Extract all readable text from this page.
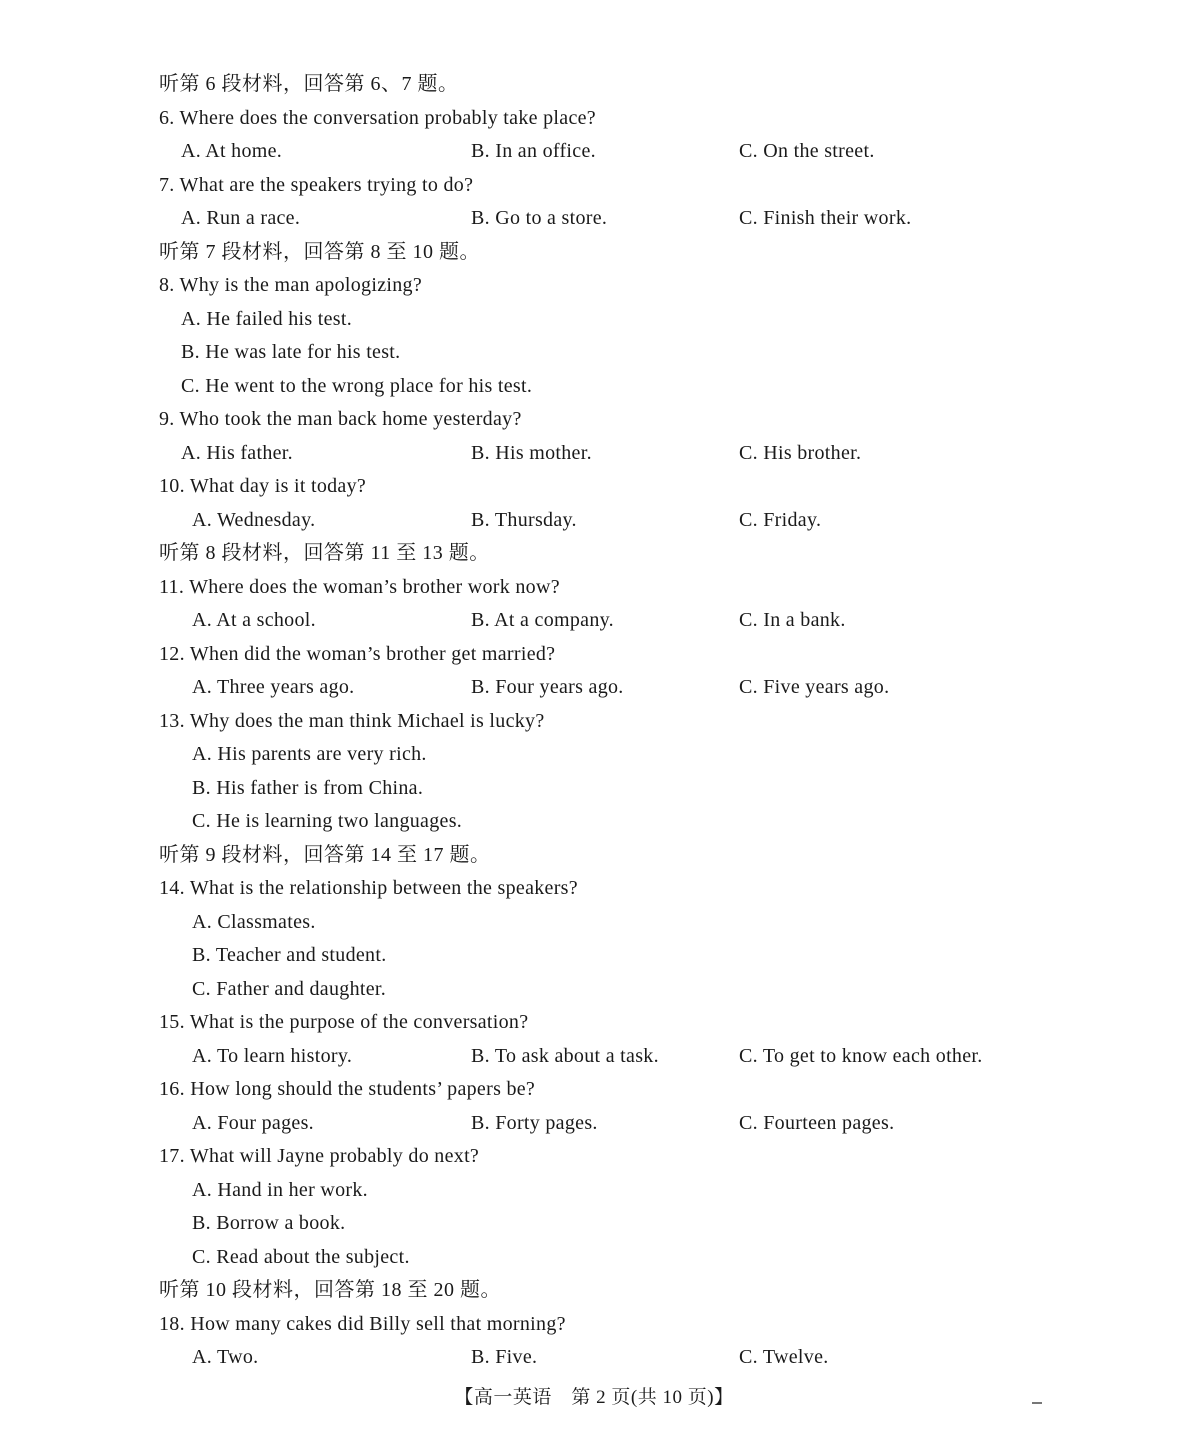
听第 6 段材料，回答第 6、7 题。
6. Where does the conversation probably take place?
A. At home.	B. In an office.	C. On the street.
7. What are the speakers trying to do?
A. Run a race.	B. Go to a store.	C. Finish their work.
听第 7 段材料，回答第 8 至 10 题。
8. Why is the man apologizing?
A. He failed his test.
B. He was late for his test.
C. He went to the wrong place for his test.
9. Who took the man back home yesterday?
A. His father.	B. His mother.	C. His brother.
10. What day is it today?
A. Wednesday.	B. Thursday.	C. Friday.
听第 8 段材料，回答第 11 至 13 题。
11. Where does the woman’s brother work now?
A. At a school.	B. At a company.	C. In a bank.
12. When did the woman’s brother get married?
A. Three years ago.	B. Four years ago.	C. Five years ago.
13. Why does the man think Michael is lucky?
A. His parents are very rich.
B. His father is from China.
C. He is learning two languages.
听第 9 段材料，回答第 14 至 17 题。
14. What is the relationship between the speakers?
A. Classmates.
B. Teacher and student.
C. Father and daughter.
15. What is the purpose of the conversation?
A. To learn history.	B. To ask about a task.	C. To get to know each other.
16. How long should the students’ papers be?
A. Four pages.	B. Forty pages.	C. Fourteen pages.
17. What will Jayne probably do next?
A. Hand in her work.
B. Borrow a book.
C. Read about the subject.
听第 10 段材料，回答第 18 至 20 题。
18. How many cakes did Billy sell that morning?
A. Two.	B. Five.	C. Twelve.
【高一英语　第 2 页(共 10 页)】
